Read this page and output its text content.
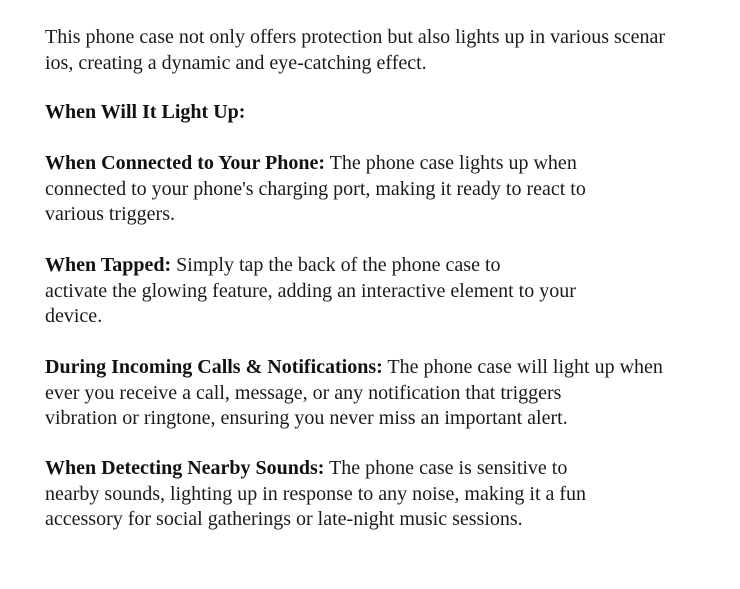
This phone case not only offers protection but also lights up in various scenar
ios, creating a dynamic and eye-catching effect.

When Will It Light Up:

When Connected to Your Phone: The phone case lights up when
connected to your phone's charging port, making it ready to react to
various triggers.

When Tapped: Simply tap the back of the phone case to
activate the glowing feature, adding an interactive element to your
device.

During Incoming Calls & Notifications: The phone case will light up when
ever you receive a call, message, or any notification that triggers
vibration or ringtone, ensuring you never miss an important alert.

When Detecting Nearby Sounds: The phone case is sensitive to
nearby sounds, lighting up in response to any noise, making it a fun
accessory for social gatherings or late-night music sessions.
